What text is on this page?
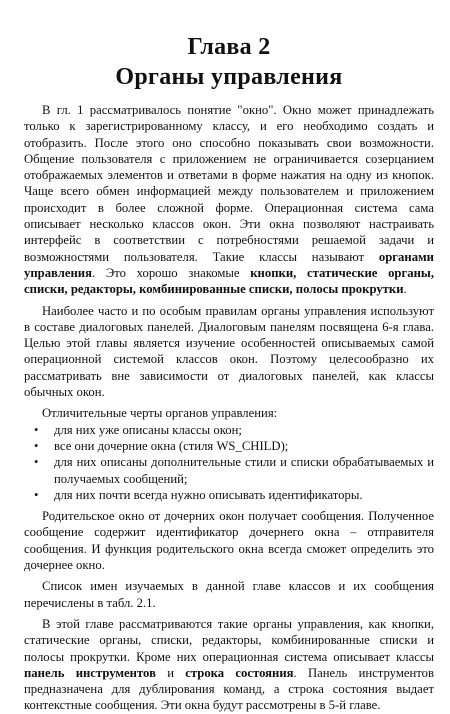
Глава 2
Органы управления

В гл. 1 рассматривалось понятие "окно". Окно может принадлежать только к зарегистрированному классу, и его необходимо создать и отобразить. После этого оно способно показывать свои возможности. Общение пользователя с приложением не ограничивается созерцанием отображаемых элементов и ответами в форме нажатия на одну из кнопок. Чаще всего обмен информацией между пользователем и приложением происходит в более сложной форме. Операционная система сама описывает несколько классов окон. Эти окна позволяют настраивать интерфейс в соответствии с потребностями решаемой задачи и возможностями пользователя. Такие классы называют органами управления. Это хорошо знакомые кнопки, статические органы, списки, редакторы, комбинированные списки, полосы прокрутки.

Наиболее часто и по особым правилам органы управления используют в составе диалоговых панелей. Диалоговым панелям посвящена 6-я глава. Целью этой главы является изучение особенностей описываемых самой операционной системой классов окон. Поэтому целесообразно их рассматривать вне зависимости от диалоговых панелей, как классы обычных окон.

Отличительные черты органов управления:

• для них уже описаны классы окон;
• все они дочерние окна (стиля WS_CHILD);
• для них описаны дополнительные стили и списки обрабатываемых и получаемых сообщений;
• для них почти всегда нужно описывать идентификаторы.

Родительское окно от дочерних окон получает сообщения. Полученное сообщение содержит идентификатор дочернего окна – отправителя сообщения. И функция родительского окна всегда сможет определить это дочернее окно.

Список имен изучаемых в данной главе классов и их сообщения перечислены в табл. 2.1.

В этой главе рассматриваются такие органы управления, как кнопки, статические органы, списки, редакторы, комбинированные списки и полосы прокрутки. Кроме них операционная система описывает классы панель инструментов и строка состояния. Панель инструментов предназначена для дублирования команд, а строка состояния выдает контекстные сообщения. Эти окна будут рассмотрены в 5-й главе.
